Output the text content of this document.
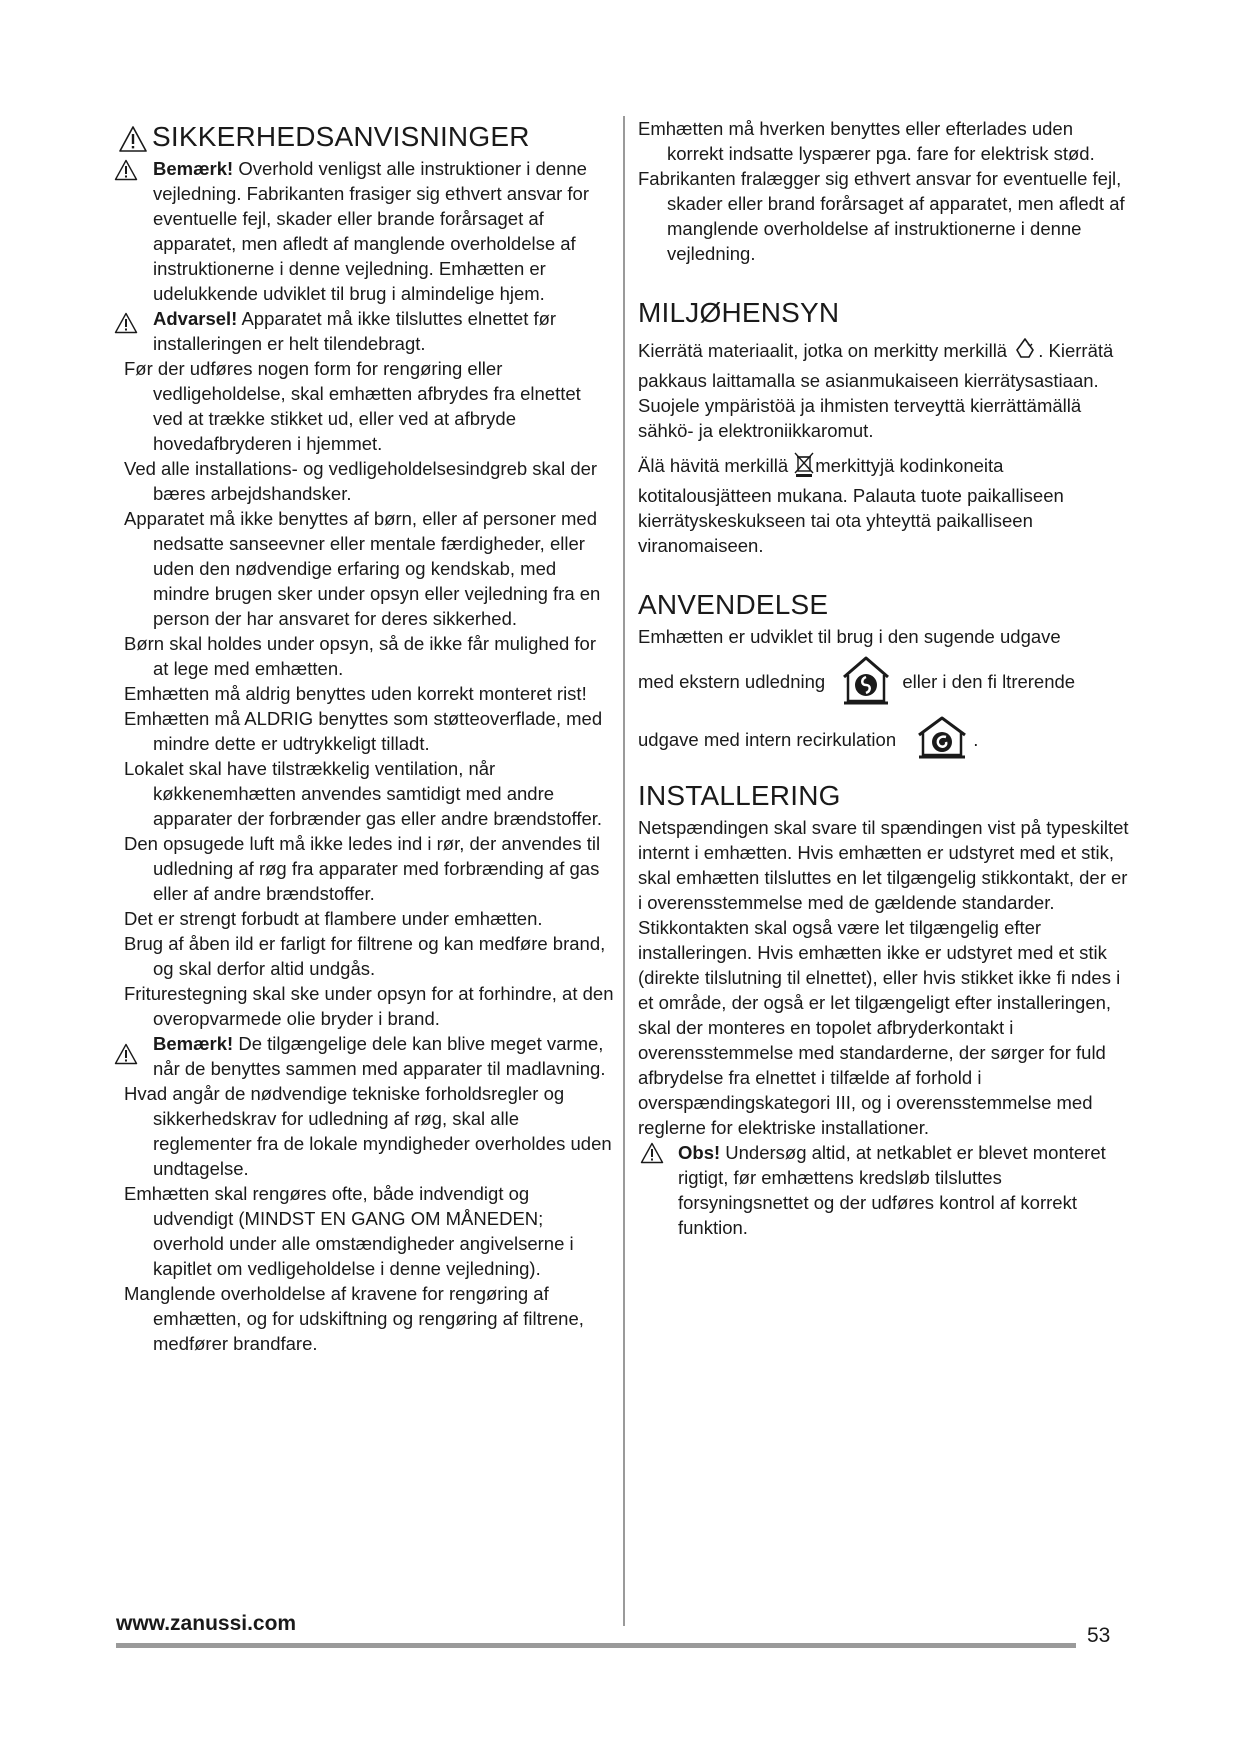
SIKKERHEDSANVISNINGER

Bemærk! Overhold venligst alle instruktioner i denne vejledning. Fabrikanten frasiger sig ethvert ansvar for eventuelle fejl, skader eller brande forårsaget af apparatet, men afledt af manglende overholdelse af instruktionerne i denne vejledning. Emhætten er udelukkende udviklet til brug i almindelige hjem.

Advarsel! Apparatet må ikke tilsluttes elnettet før installeringen er helt tilendebragt.

Før der udføres nogen form for rengøring eller vedligeholdelse, skal emhætten afbrydes fra elnettet ved at trække stikket ud, eller ved at afbryde hovedafbryderen i hjemmet.

Ved alle installations- og vedligeholdelsesindgreb skal der bæres arbejdshandsker.

Apparatet må ikke benyttes af børn, eller af personer med nedsatte sanseevner eller mentale færdigheder, eller uden den nødvendige erfaring og kendskab, med mindre brugen sker under opsyn eller vejledning fra en person der har ansvaret for deres sikkerhed.

Børn skal holdes under opsyn, så de ikke får mulighed for at lege med emhætten.

Emhætten må aldrig benyttes uden korrekt monteret rist!

Emhætten må ALDRIG benyttes som støtteoverflade, med mindre dette er udtrykkeligt tilladt.

Lokalet skal have tilstrækkelig ventilation, når køkkenemhætten anvendes samtidigt med andre apparater der forbrænder gas eller andre brændstoffer.

Den opsugede luft må ikke ledes ind i rør, der anvendes til udledning af røg fra apparater med forbrænding af gas eller af andre brændstoffer.

Det er strengt forbudt at flambere under emhætten.

Brug af åben ild er farligt for filtrene og kan medføre brand, og skal derfor altid undgås.

Friturestegning skal ske under opsyn for at forhindre, at den overopvarmede olie bryder i brand.

Bemærk! De tilgængelige dele kan blive meget varme, når de benyttes sammen med apparater til madlavning.

Hvad angår de nødvendige tekniske forholdsregler og sikkerhedskrav for udledning af røg, skal alle reglementer fra de lokale myndigheder overholdes uden undtagelse.

Emhætten skal rengøres ofte, både indvendigt og udvendigt (MINDST EN GANG OM MÅNEDEN; overhold under alle omstændigheder angivelserne i kapitlet om vedligeholdelse i denne vejledning).

Manglende overholdelse af kravene for rengøring af emhætten, og for udskiftning og rengøring af filtrene, medfører brandfare.

Emhætten må hverken benyttes eller efterlades uden korrekt indsatte lyspærer pga. fare for elektrisk stød.

Fabrikanten fralægger sig ethvert ansvar for eventuelle fejl, skader eller brand forårsaget af apparatet, men afledt af manglende overholdelse af instruktionerne i denne vejledning.

MILJØHENSYN

Kierrätä materiaalit, jotka on merkitty merkillä . Kierrätä pakkaus laittamalla se asianmukaiseen kierrätysastiaan.

Suojele ympäristöä ja ihmisten terveyttä kierrättämällä sähkö- ja elektroniikkaromut.

Älä hävitä merkillä merkittyjä kodinkoneita kotitalousjätteen mukana. Palauta tuote paikalliseen kierrätyskeskukseen tai ota yhteyttä paikalliseen viranomaiseen.

ANVENDELSE

Emhætten er udviklet til brug i den sugende udgave

med ekstern udledning	eller i den fi ltrerende

udgave med intern recirkulation	.

INSTALLERING

Netspændingen skal svare til spændingen vist på typeskiltet internt i emhætten. Hvis emhætten er udstyret med et stik, skal emhætten tilsluttes en let tilgængelig stikkontakt, der er i overensstemmelse med de gældende standarder. Stikkontakten skal også være let tilgængelig efter installeringen. Hvis emhætten ikke er udstyret med et stik (direkte tilslutning til elnettet), eller hvis stikket ikke fi ndes i et område, der også er let tilgængeligt efter installeringen, skal der monteres en topolet afbryderkontakt i overensstemmelse med standarderne, der sørger for fuld afbrydelse fra elnettet i tilfælde af forhold i overspændingskategori III, og i overensstemmelse med reglerne for elektriske installationer.

Obs! Undersøg altid, at netkablet er blevet monteret rigtigt, før emhættens kredsløb tilsluttes forsyningsnettet og der udføres kontrol af korrekt funktion.

www.zanussi.com
53
